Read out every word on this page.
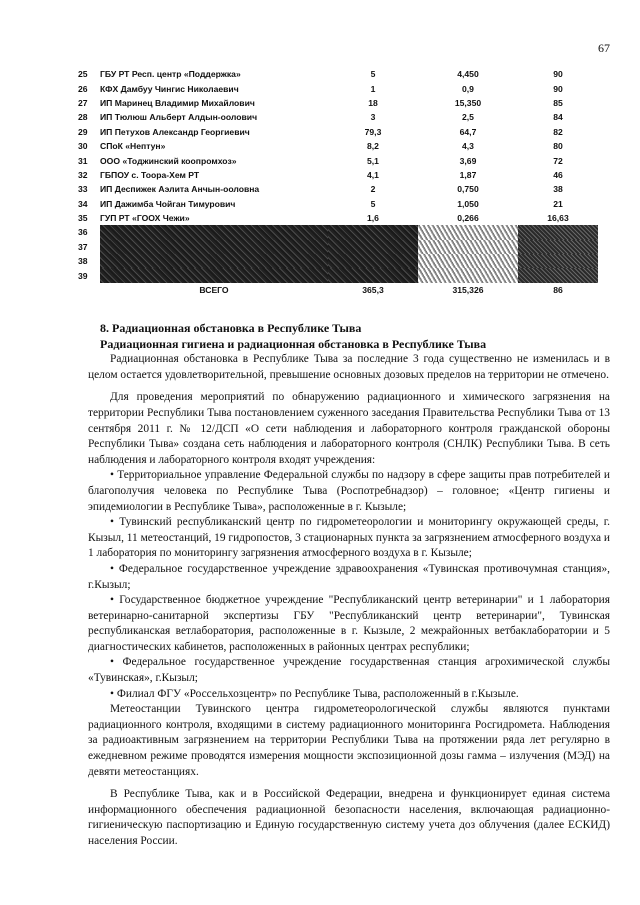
67
25	ГБУ РТ Респ. центр «Поддержка»	5	4,450	90
26	КФХ Дамбуу Чингис Николаевич	1	0,9	90
27	ИП Маринец Владимир Михайлович	18	15,350	85
28	ИП Тюлюш Альберт Алдын-оолович	3	2,5	84
29	ИП Петухов Александр Георгиевич	79,3	64,7	82
30	СПоК «Нептун»	8,2	4,3	80
31	ООО «Тоджинский коопромхоз»	5,1	3,69	72
32	ГБПОУ с. Тоора-Хем РТ	4,1	1,87	46
33	ИП Деспижек Аэлита Анчын-ооловна	2	0,750	38
34	ИП Дажимба Чойган Тимурович	5	1,050	21
35	ГУП РТ «ГООХ Чежи»	1,6	0,266	16,63
36				
37				
38				
39				
	ВСЕГО	365,3	315,326	86
8. Радиационная обстановка в Республике Тыва
Радиационная гигиена и радиационная обстановка в Республике Тыва

Радиационная обстановка в Республике Тыва за последние 3 года существенно не изменилась и в целом остается удовлетворительной, превышение основных дозовых пределов на территории не отмечено.

Для проведения мероприятий по обнаружению радиационного и химического загрязнения на территории Республики Тыва постановлением суженного заседания Правительства Республики Тыва от 13 сентября 2011 г. № 12/ДСП «О сети наблюдения и лабораторного контроля гражданской обороны Республики Тыва» создана сеть наблюдения и лабораторного контроля (СНЛК) Республики Тыва. В сеть наблюдения и лабораторного контроля входят учреждения:

• Территориальное управление Федеральной службы по надзору в сфере защиты прав потребителей и благополучия человека по Республике Тыва (Роспотребнадзор) – головное; «Центр гигиены и эпидемиологии в Республике Тыва», расположенные в г. Кызыле;

• Тувинский республиканский центр по гидрометеорологии и мониторингу окружающей среды, г. Кызыл, 11 метеостанций, 19 гидропостов, 3 стационарных пункта за загрязнением атмосферного воздуха и 1 лаборатория по мониторингу загрязнения атмосферного воздуха в г. Кызыле;

• Федеральное государственное учреждение здравоохранения «Тувинская противочумная станция», г.Кызыл;

• Государственное бюджетное учреждение "Республиканский центр ветеринарии" и 1 лаборатория ветеринарно-санитарной экспертизы ГБУ "Республиканский центр ветеринарии", Тувинская республиканская ветлаборатория, расположенные в г. Кызыле, 2 межрайонных ветбаклаборатории и 5 диагностических кабинетов, расположенных в районных центрах республики;

• Федеральное государственное учреждение государственная станция агрохимической службы «Тувинская», г.Кызыл;

• Филиал ФГУ «Россельхозцентр» по Республике Тыва, расположенный в г.Кызыле.

Метеостанции Тувинского центра гидрометеорологической службы являются пунктами радиационного контроля, входящими в систему радиационного мониторинга Росгидромета. Наблюдения за радиоактивным загрязнением на территории Республики Тыва на протяжении ряда лет регулярно в ежедневном режиме проводятся измерения мощности экспозиционной дозы гамма – излучения (МЭД) на девяти метеостанциях.

В Республике Тыва, как и в Российской Федерации, внедрена и функционирует единая система информационного обеспечения радиационной безопасности населения, включающая радиационно-гигиеническую паспортизацию и Единую государственную систему учета доз облучения (далее ЕСКИД) населения России.
